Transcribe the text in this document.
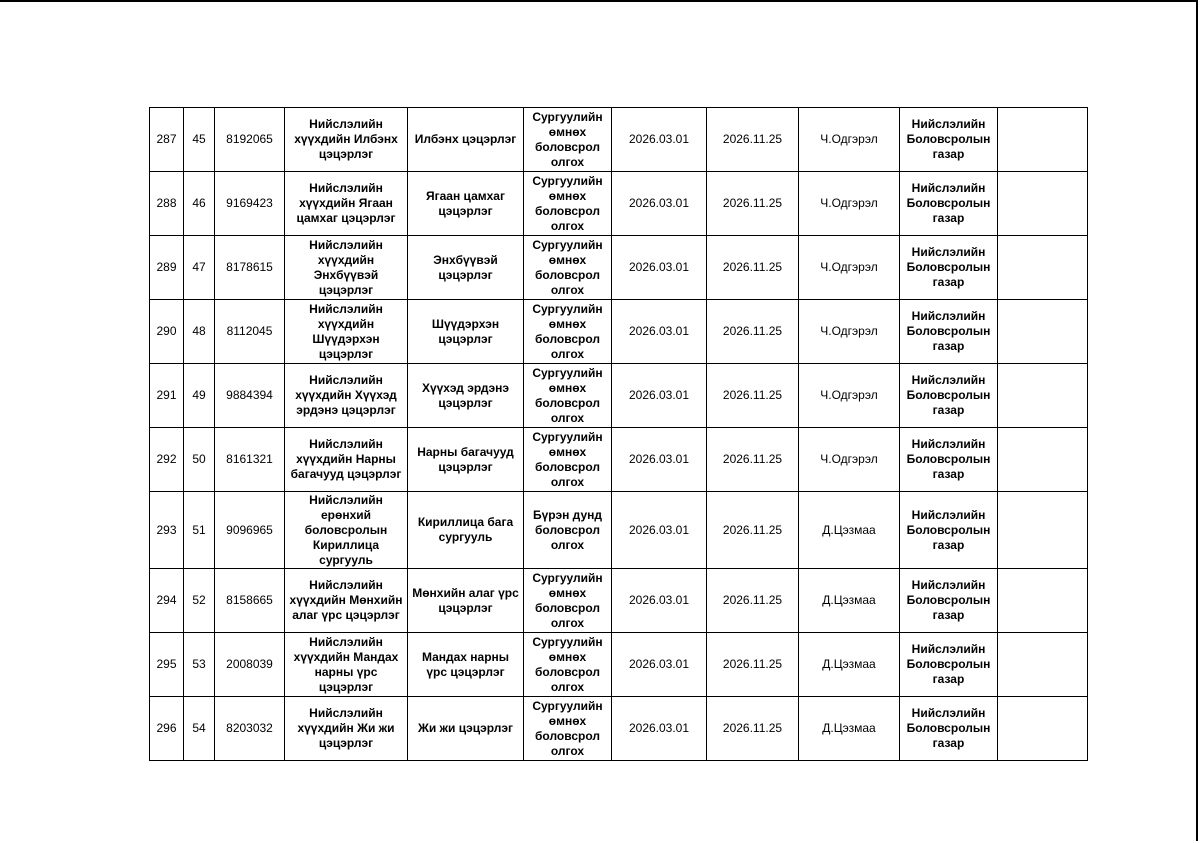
287	45	8192065	Нийслэлийн хүүхдийн Илбэнх цэцэрлэг	Илбэнх цэцэрлэг	Сургуулийн өмнөх боловсрол олгох	2026.03.01	2026.11.25	Ч.Одгэрэл	Нийслэлийн Боловсролын газар	
288	46	9169423	Нийслэлийн хүүхдийн Ягаан цамхаг цэцэрлэг	Ягаан цамхаг цэцэрлэг	Сургуулийн өмнөх боловсрол олгох	2026.03.01	2026.11.25	Ч.Одгэрэл	Нийслэлийн Боловсролын газар	
289	47	8178615	Нийслэлийн хүүхдийн Энхбүүвэй цэцэрлэг	Энхбүүвэй цэцэрлэг	Сургуулийн өмнөх боловсрол олгох	2026.03.01	2026.11.25	Ч.Одгэрэл	Нийслэлийн Боловсролын газар	
290	48	8112045	Нийслэлийн хүүхдийн Шүүдэрхэн цэцэрлэг	Шүүдэрхэн цэцэрлэг	Сургуулийн өмнөх боловсрол олгох	2026.03.01	2026.11.25	Ч.Одгэрэл	Нийслэлийн Боловсролын газар	
291	49	9884394	Нийслэлийн хүүхдийн Хүүхэд эрдэнэ цэцэрлэг	Хүүхэд эрдэнэ цэцэрлэг	Сургуулийн өмнөх боловсрол олгох	2026.03.01	2026.11.25	Ч.Одгэрэл	Нийслэлийн Боловсролын газар	
292	50	8161321	Нийслэлийн хүүхдийн Нарны багачууд цэцэрлэг	Нарны багачууд цэцэрлэг	Сургуулийн өмнөх боловсрол олгох	2026.03.01	2026.11.25	Ч.Одгэрэл	Нийслэлийн Боловсролын газар	
293	51	9096965	Нийслэлийн ерөнхий боловсролын Кириллица сургууль	Кириллица бага сургууль	Бүрэн дунд боловсрол олгох	2026.03.01	2026.11.25	Д.Цэзмаа	Нийслэлийн Боловсролын газар	
294	52	8158665	Нийслэлийн хүүхдийн Мөнхийн алаг үрс цэцэрлэг	Мөнхийн алаг үрс цэцэрлэг	Сургуулийн өмнөх боловсрол олгох	2026.03.01	2026.11.25	Д.Цэзмаа	Нийслэлийн Боловсролын газар	
295	53	2008039	Нийслэлийн хүүхдийн Мандах нарны үрс цэцэрлэг	Мандах нарны үрс цэцэрлэг	Сургуулийн өмнөх боловсрол олгох	2026.03.01	2026.11.25	Д.Цэзмаа	Нийслэлийн Боловсролын газар	
296	54	8203032	Нийслэлийн хүүхдийн Жи жи цэцэрлэг	Жи жи цэцэрлэг	Сургуулийн өмнөх боловсрол олгох	2026.03.01	2026.11.25	Д.Цэзмаа	Нийслэлийн Боловсролын газар	
